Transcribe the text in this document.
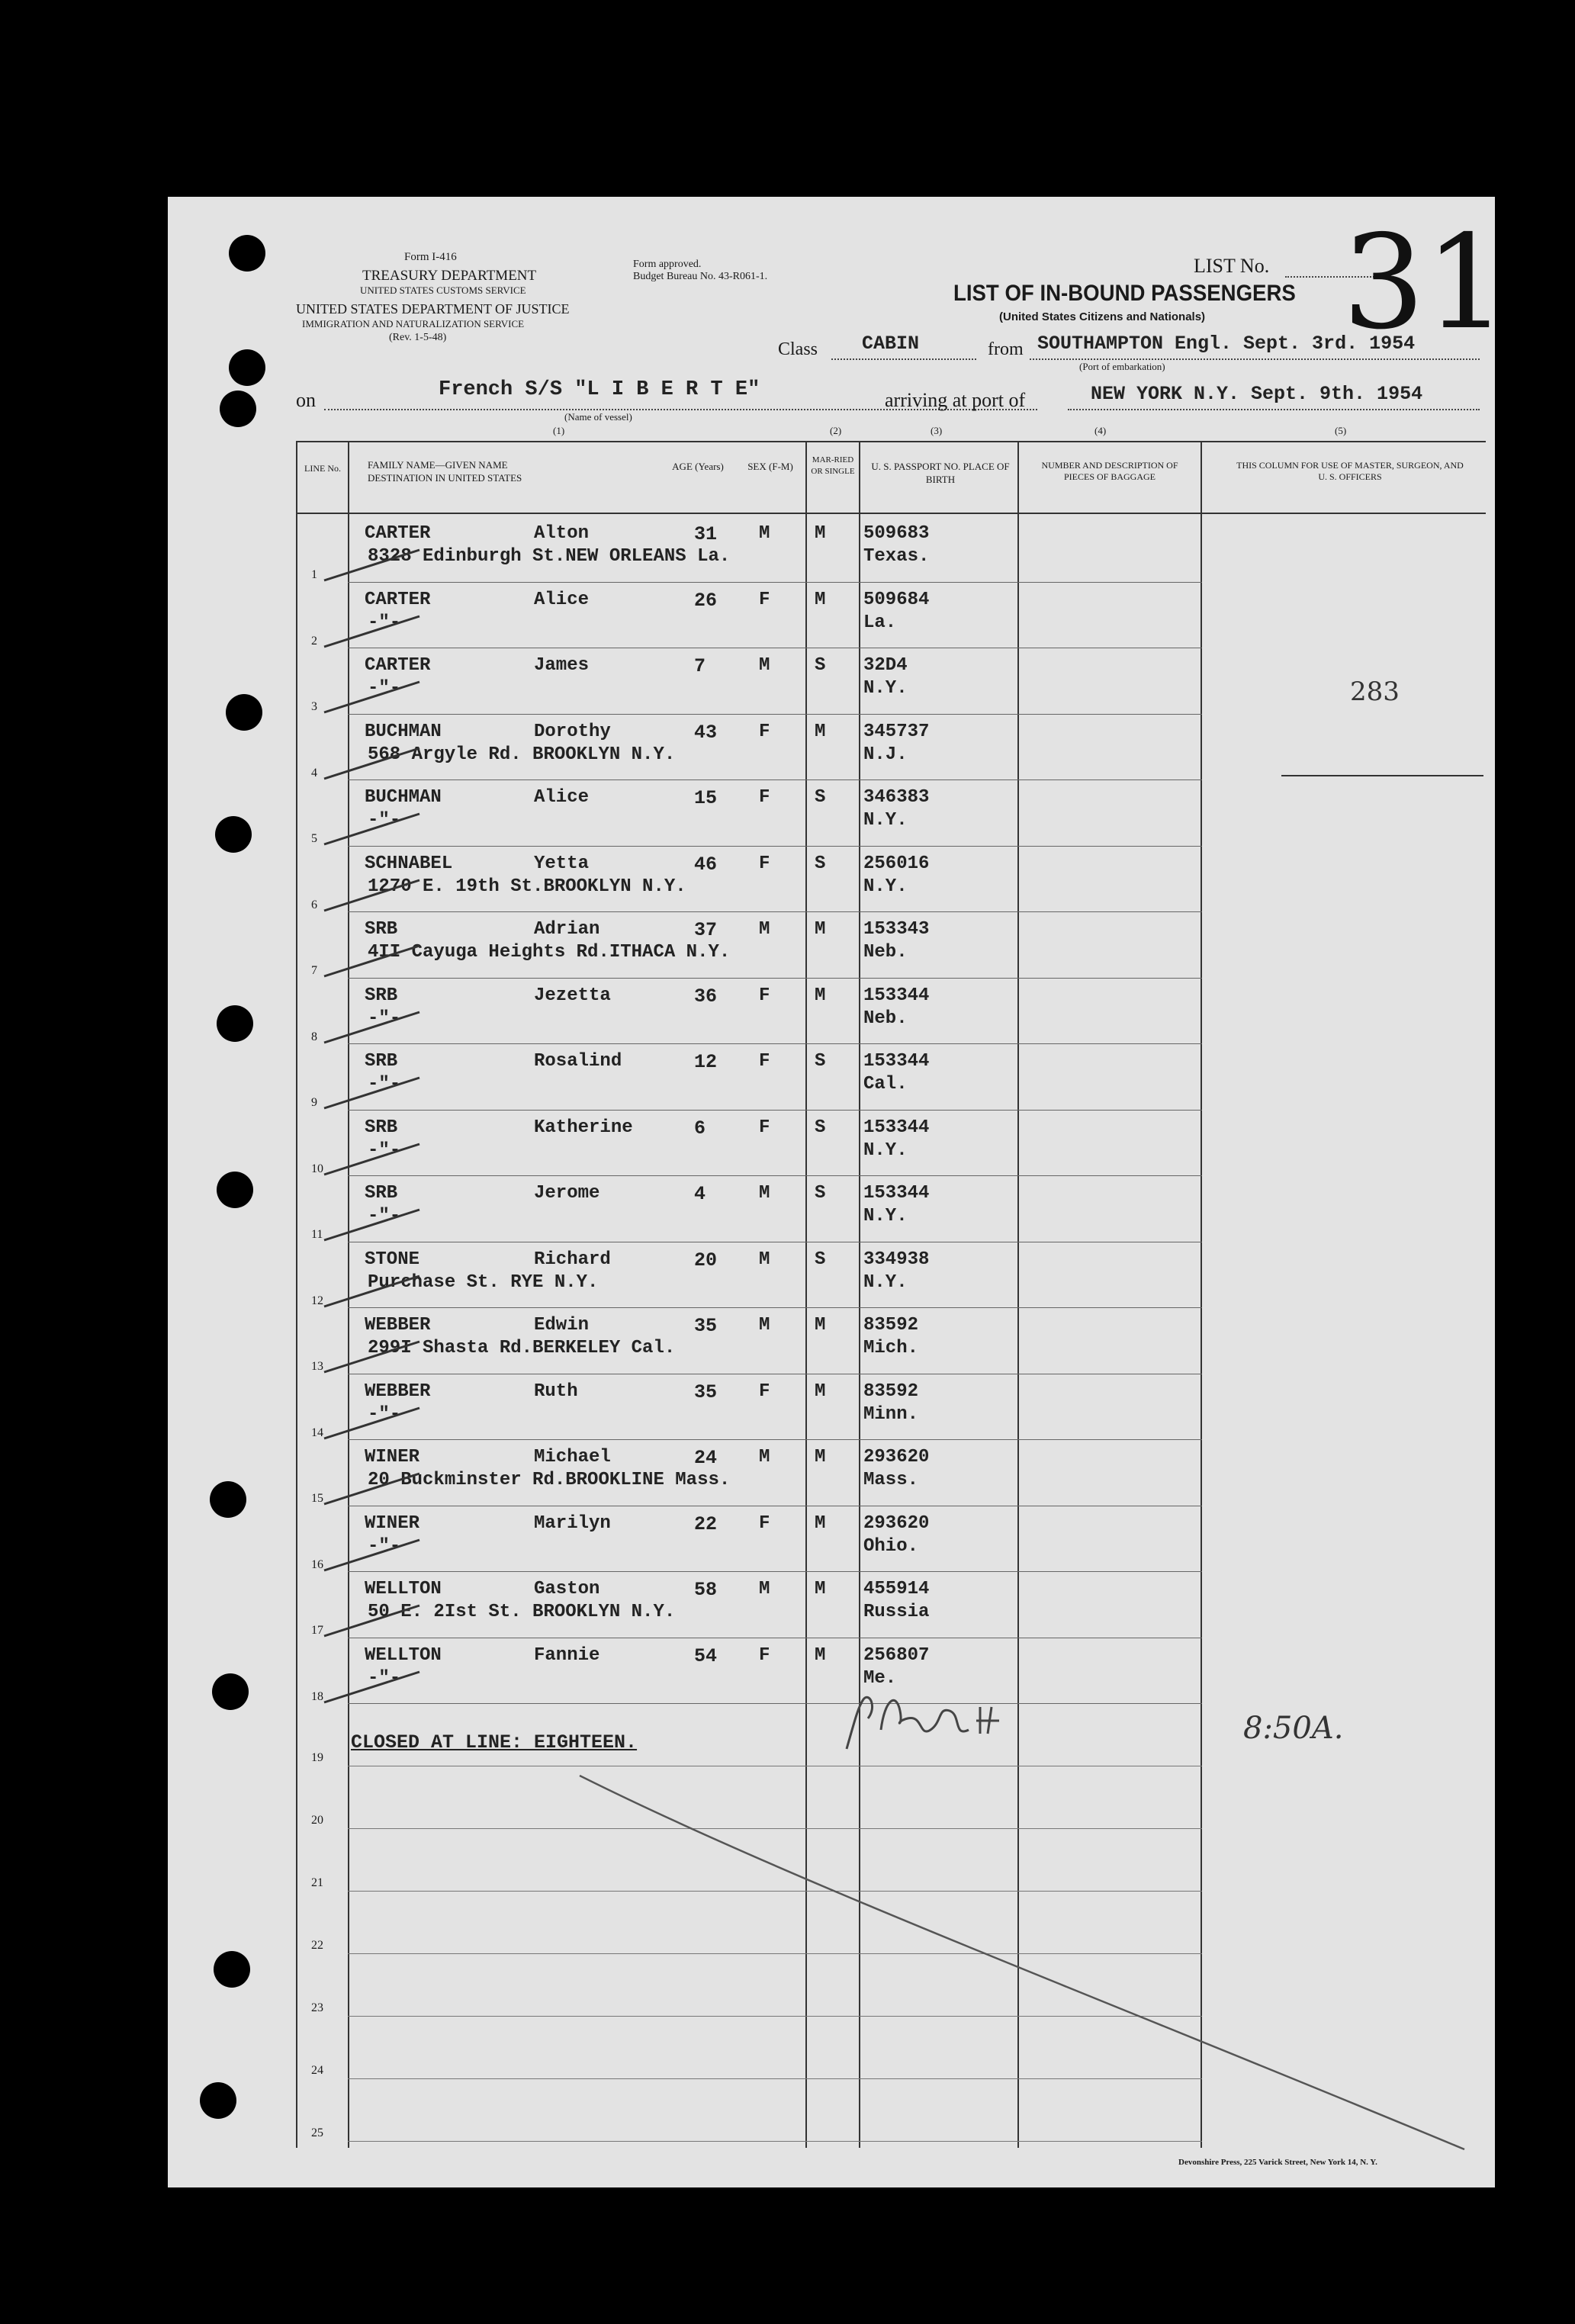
Form I-416
TREASURY DEPARTMENT
UNITED STATES CUSTOMS SERVICE
UNITED STATES DEPARTMENT OF JUSTICE
IMMIGRATION AND NATURALIZATION SERVICE
(Rev. 1-5-48)
Form approved.
Budget Bureau No. 43-R061-1.	LIST No. 31
LIST OF IN-BOUND PASSENGERS
(United States Citizens and Nationals)
Class CABIN	from SOUTHAMPTON Engl. Sept. 3rd. 1954
(Port of embarkation)
on	French S/S "L I B E R T E"
(Name of vessel)
(1)
arriving at port of	NEW YORK N.Y. Sept. 9th. 1954
LINE No.	FAMILY NAME—GIVEN NAME
DESTINATION IN UNITED STATES
AGE (Years) SEX (F-M)
MAR-RIED OR SINGLE	U. S. PASSPORT NO. PLACE OF BIRTH
NUMBER AND DESCRIPTION OF PIECES OF BAGGAGE
THIS COLUMN FOR USE OF MASTER, SURGEON, AND U. S. OFFICERS
(2)	(3)	(4)	(5)
1
CARTER	Alton
8328 Edinburgh St.NEW ORLEANS La.
31 M M 509683
Texas.
2
CARTER	Alice
-"-
26 F M 509684
La.
3
CARTER	James
-"-
7	M S 32D4
N.Y.
4
BUCHMAN	Dorothy
568 Argyle Rd. BROOKLYN N.Y.
43 F M 345737
N.J.
5
BUCHMAN	Alice
-"-
15 F S 346383
N.Y.
6
SCHNABEL	Yetta
1270 E. 19th St.BROOKLYN N.Y.
46 F S 256016
N.Y.
7
SRB	Adrian
4II Cayuga Heights Rd.ITHACA N.Y.
37 M M 153343
Neb.
8
SRB	Jezetta
-"-
36 F M 153344
Neb.
9
SRB	Rosalind
-"-
12 F S 153344
Cal.
10
SRB	Katherine
-"-
6	F S 153344
N.Y.
11
SRB	Jerome
-"-
4	M S 153344
N.Y.
12
STONE	Richard
Purchase St. RYE N.Y.
20 M S 334938
N.Y.
13
WEBBER	Edwin
299I Shasta Rd.BERKELEY Cal.
35 M M 83592
Mich.
14
WEBBER	Ruth
-"-
35 F M 83592
Minn.
15
WINER	Michael
20 Buckminster Rd.BROOKLINE Mass.
24 M M 293620
Mass.
16
WINER	Marilyn
-"-
22 F M 293620
Ohio.
17
WELLTON	Gaston
50 E. 2Ist St. BROOKLYN N.Y.
58 M M 455914
Russia
18
WELLTON	Fannie
-"-
54 F M 256807
Me.
19
20
21
22
23
24
25
283
CLOSED AT LINE: EIGHTEEN.	8:50A.
Devonshire Press, 225 Varick Street, New York 14, N. Y.
